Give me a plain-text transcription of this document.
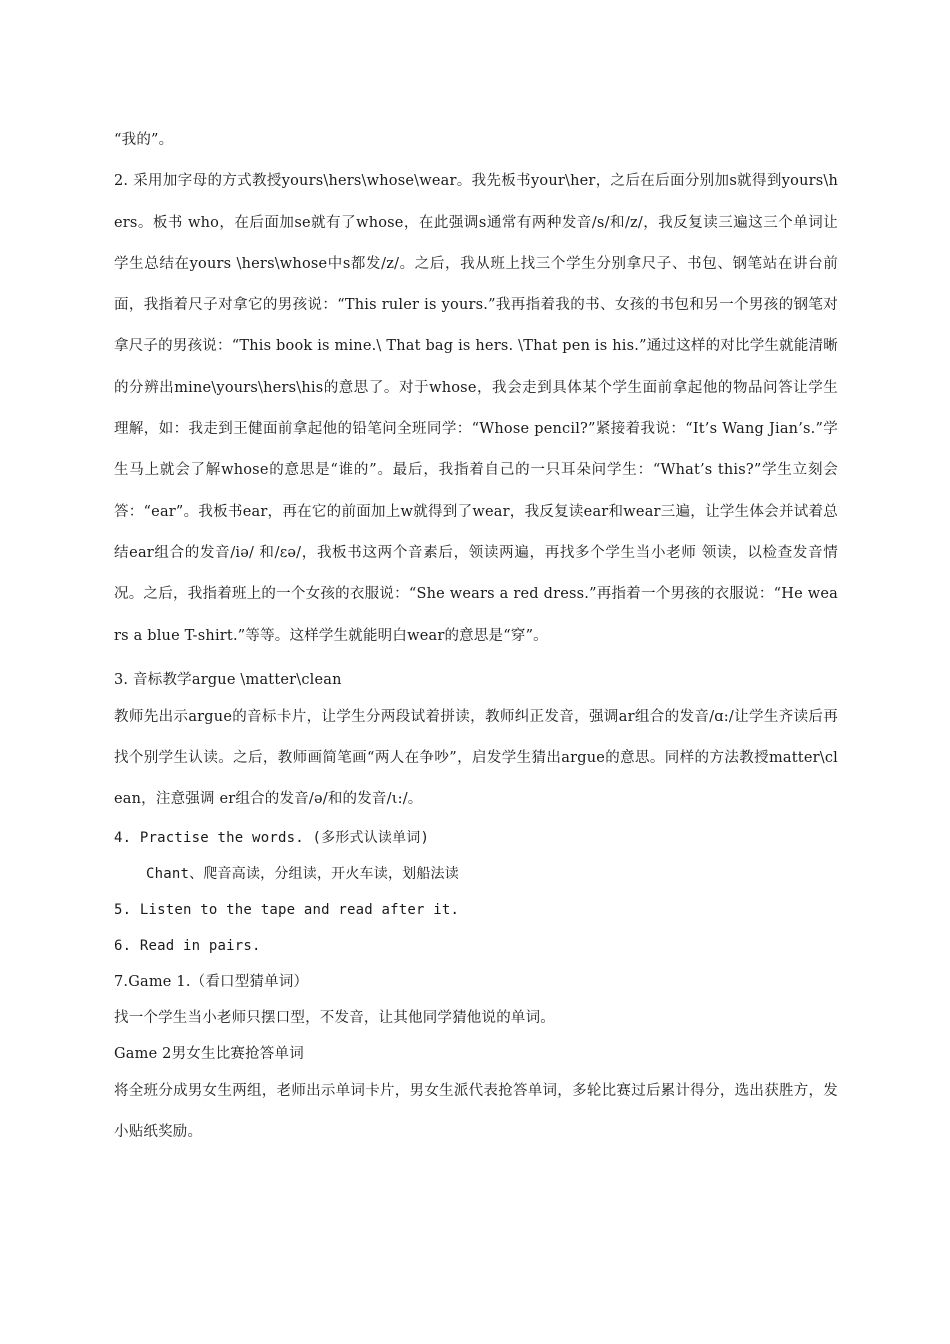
“我的”。

2. 采用加字母的方式教授yours\hers\whose\wear。我先板书your\her，之后在后面分别加s就得到yours\hers。板书 who，在后面加se就有了whose，在此强调s通常有两种发音/s/和/z/，我反复读三遍这三个单词让学生总结在yours \hers\whose中s都发/z/。之后，我从班上找三个学生分别拿尺子、书包、钢笔站在讲台前面，我指着尺子对拿它的男孩说：“This ruler is yours.”我再指着我的书、女孩的书包和另一个男孩的钢笔对拿尺子的男孩说：“This book is mine.\ That bag is hers. \That pen is his.”通过这样的对比学生就能清晰的分辨出mine\yours\hers\his的意思了。对于whose，我会走到具体某个学生面前拿起他的物品问答让学生理解，如：我走到王健面前拿起他的铅笔问全班同学：“Whose pencil?”紧接着我说：“It’s Wang Jian’s.”学生马上就会了解whose的意思是“谁的”。最后，我指着自己的一只耳朵问学生：“What’s this?”学生立刻会答：“ear”。我板书ear，再在它的前面加上w就得到了wear，我反复读ear和wear三遍，让学生体会并试着总结ear组合的发音/iə/ 和/εə/，我板书这两个音素后，领读两遍，再找多个学生当小老师 领读，以检查发音情况。之后，我指着班上的一个女孩的衣服说：“She wears a red dress.”再指着一个男孩的衣服说：“He wears a blue T-shirt.”等等。这样学生就能明白wear的意思是“穿”。

3. 音标教学argue \matter\clean

教师先出示argue的音标卡片，让学生分两段试着拼读，教师纠正发音，强调ar组合的发音/ɑ:/让学生齐读后再找个别学生认读。之后，教师画简笔画“两人在争吵”，启发学生猜出argue的意思。同样的方法教授matter\clean，注意强调 er组合的发音/ə/和的发音/ι:/。

4. Practise the words. (多形式认读单词)

Chant、爬音高读，分组读，开火车读，划船法读

5. Listen to the tape and read after it.

6. Read in pairs.

7.Game 1.（看口型猜单词）

找一个学生当小老师只摆口型，不发音，让其他同学猜他说的单词。

Game 2男女生比赛抢答单词

将全班分成男女生两组，老师出示单词卡片，男女生派代表抢答单词，多轮比赛过后累计得分，选出获胜方，发小贴纸奖励。
